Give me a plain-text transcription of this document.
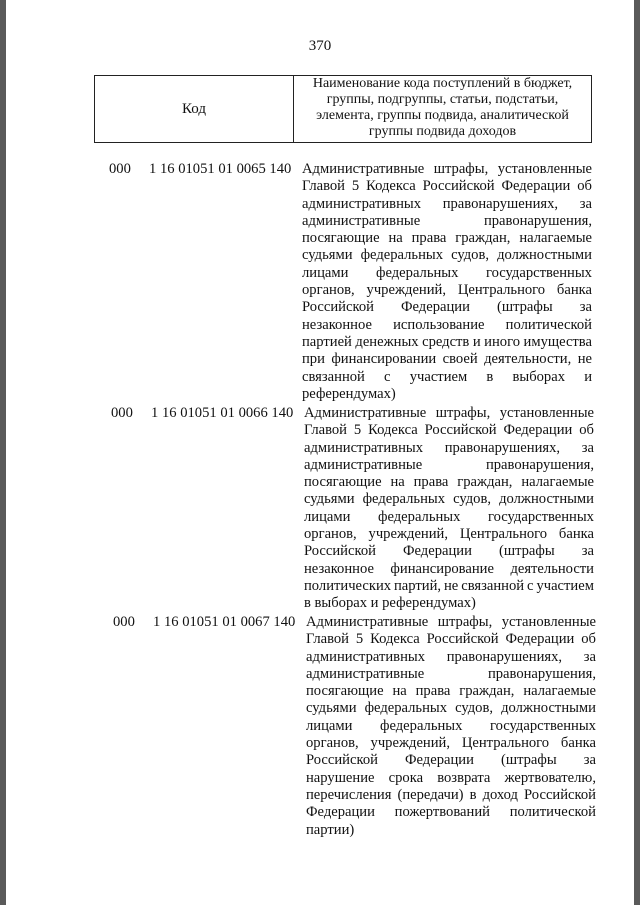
370
Код
Наименование кода поступлений в бюджет,
группы, подгруппы, статьи, подстатьи,
элемента, группы подвида, аналитической
группы подвида доходов
000 1 16 01051 01 0065 140 Административные штрафы, установленные
Главой 5 Кодекса Российской Федерации об
административных правонарушениях, за
административные	правонарушения,
посягающие на права граждан, налагаемые
судьями федеральных судов, должностными
лицами федеральных государственных
органов, учреждений, Центрального банка
Российской Федерации (штрафы за
незаконное использование политической
партией денежных средств и иного имущества
при финансировании своей деятельности, не
связанной с участием в выборах и
референдумах)
000 1 16 01051 01 0066 140 Административные штрафы, установленные
Главой 5 Кодекса Российской Федерации об
административных правонарушениях, за
административные	правонарушения,
посягающие на права граждан, налагаемые
судьями федеральных судов, должностными
лицами федеральных государственных
органов, учреждений, Центрального банка
Российской Федерации (штрафы за
незаконное финансирование деятельности
политических партий, не связанной с участием
в выборах и референдумах)
000 1 16 01051 01 0067 140 Административные штрафы, установленные
Главой 5 Кодекса Российской Федерации об
административных правонарушениях, за
административные	правонарушения,
посягающие на права граждан, налагаемые
судьями федеральных судов, должностными
лицами федеральных государственных
органов, учреждений, Центрального банка
Российской Федерации (штрафы за
нарушение срока возврата жертвователю,
перечисления (передачи) в доход Российской
Федерации пожертвований политической
партии)
